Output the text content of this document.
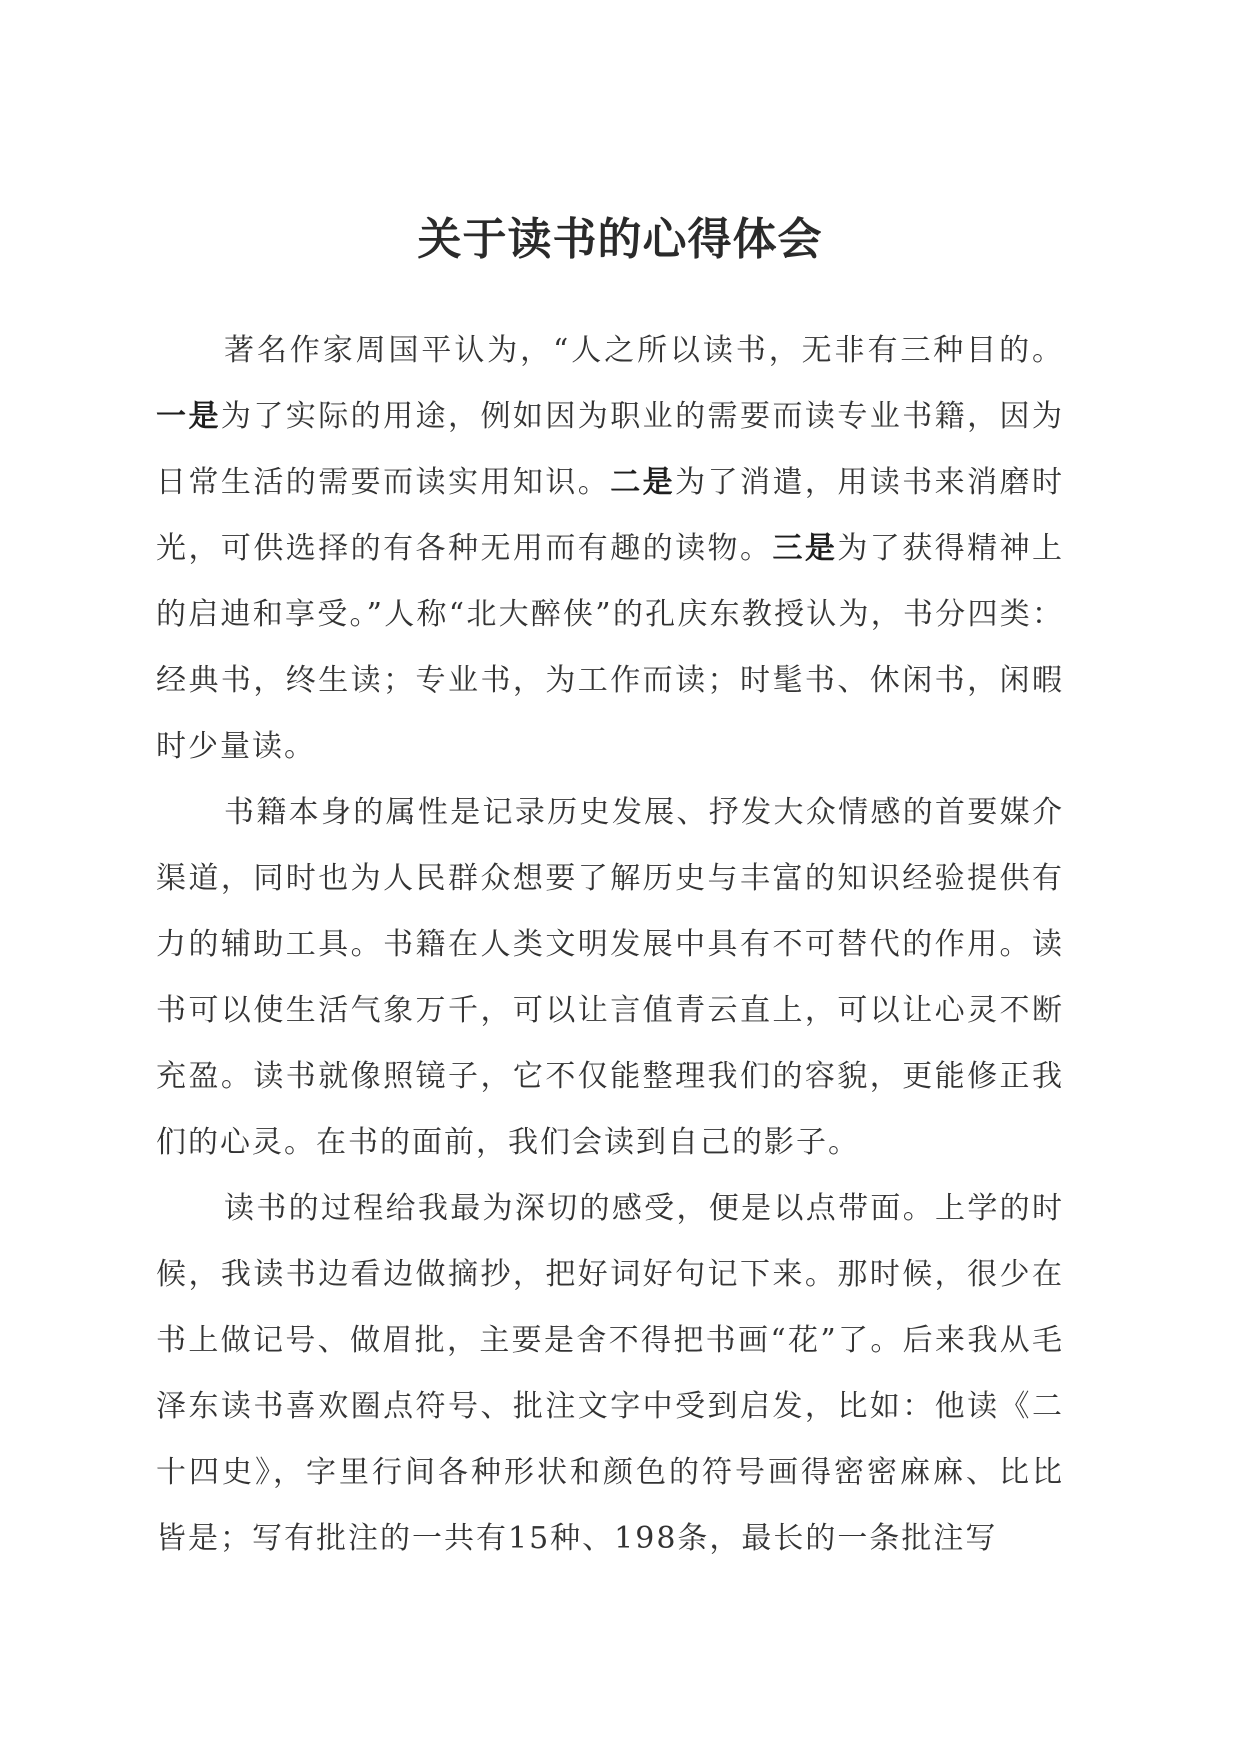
关于读书的心得体会

著名作家周国平认为，“人之所以读书，无非有三种目的。一是为了实际的用途，例如因为职业的需要而读专业书籍，因为日常生活的需要而读实用知识。二是为了消遣，用读书来消磨时光，可供选择的有各种无用而有趣的读物。三是为了获得精神上的启迪和享受。”人称“北大醉侠”的孔庆东教授认为，书分四类：经典书，终生读；专业书，为工作而读；时髦书、休闲书，闲暇时少量读。

书籍本身的属性是记录历史发展、抒发大众情感的首要媒介渠道，同时也为人民群众想要了解历史与丰富的知识经验提供有力的辅助工具。书籍在人类文明发展中具有不可替代的作用。读书可以使生活气象万千，可以让言值青云直上，可以让心灵不断充盈。读书就像照镜子，它不仅能整理我们的容貌，更能修正我们的心灵。在书的面前，我们会读到自己的影子。

读书的过程给我最为深切的感受，便是以点带面。上学的时候，我读书边看边做摘抄，把好词好句记下来。那时候，很少在书上做记号、做眉批，主要是舍不得把书画“花”了。后来我从毛泽东读书喜欢圈点符号、批注文字中受到启发，比如：他读《二十四史》，字里行间各种形状和颜色的符号画得密密麻麻、比比皆是；写有批注的一共有15种、198条，最长的一条批注写
